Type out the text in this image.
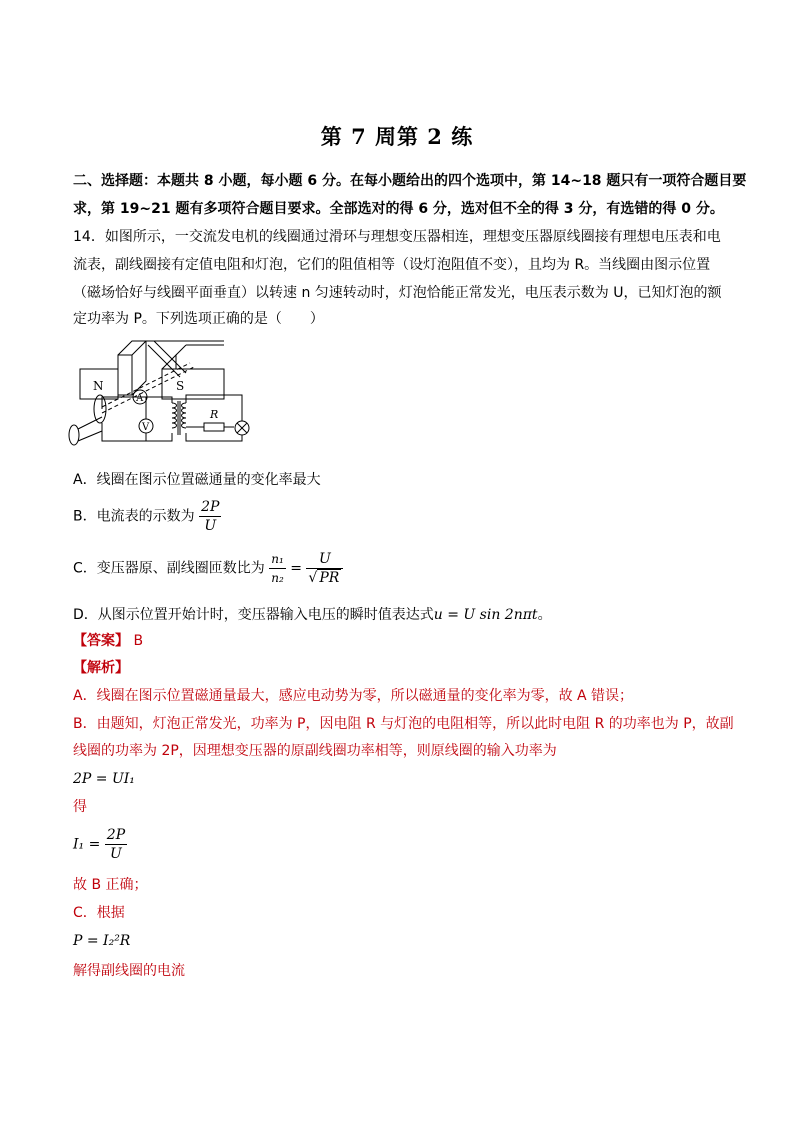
第 7 周第 2 练
二、选择题：本题共 8 小题，每小题 6 分。在每小题给出的四个选项中，第 14~18 题只有一项符合题目要
求，第 19~21 题有多项符合题目要求。全部选对的得 6 分，选对但不全的得 3 分，有选错的得 0 分。
14．如图所示，一交流发电机的线圈通过滑环与理想变压器相连，理想变压器原线圈接有理想电压表和电
流表，副线圈接有定值电阻和灯泡，它们的阻值相等（设灯泡阻值不变），且均为 R。当线圈由图示位置
（磁场恰好与线圈平面垂直）以转速 n 匀速转动时，灯泡恰能正常发光，电压表示数为 U，已知灯泡的额
定功率为 P。下列选项正确的是（　　）
N	S
A
V
R
A．线圈在图示位置磁通量的变化率最大
B．电流表的示数为 $\frac{2P}{U}$
C．变压器原、副线圈匝数比为 $\frac{\text{n₁}}{\text{n₂}} = \frac{U}{√ PR}$
D．从图示位置开始计时，变压器输入电压的瞬时值表达式u = U sin 2nπt。
【答案】 B
【解析】
A．线圈在图示位置磁通量最大，感应电动势为零，所以磁通量的变化率为零，故 A 错误；
B．由题知，灯泡正常发光，功率为 P，因电阻 R 与灯泡的电阻相等，所以此时电阻 R 的功率也为 P，故副
线圈的功率为 2P，因理想变压器的原副线圈功率相等，则原线圈的输入功率为
2P = UI₁
得
$I_1 = \frac{2P}{U}$
故 B 正确；
C．根据
P = I₂²R
解得副线圈的电流
